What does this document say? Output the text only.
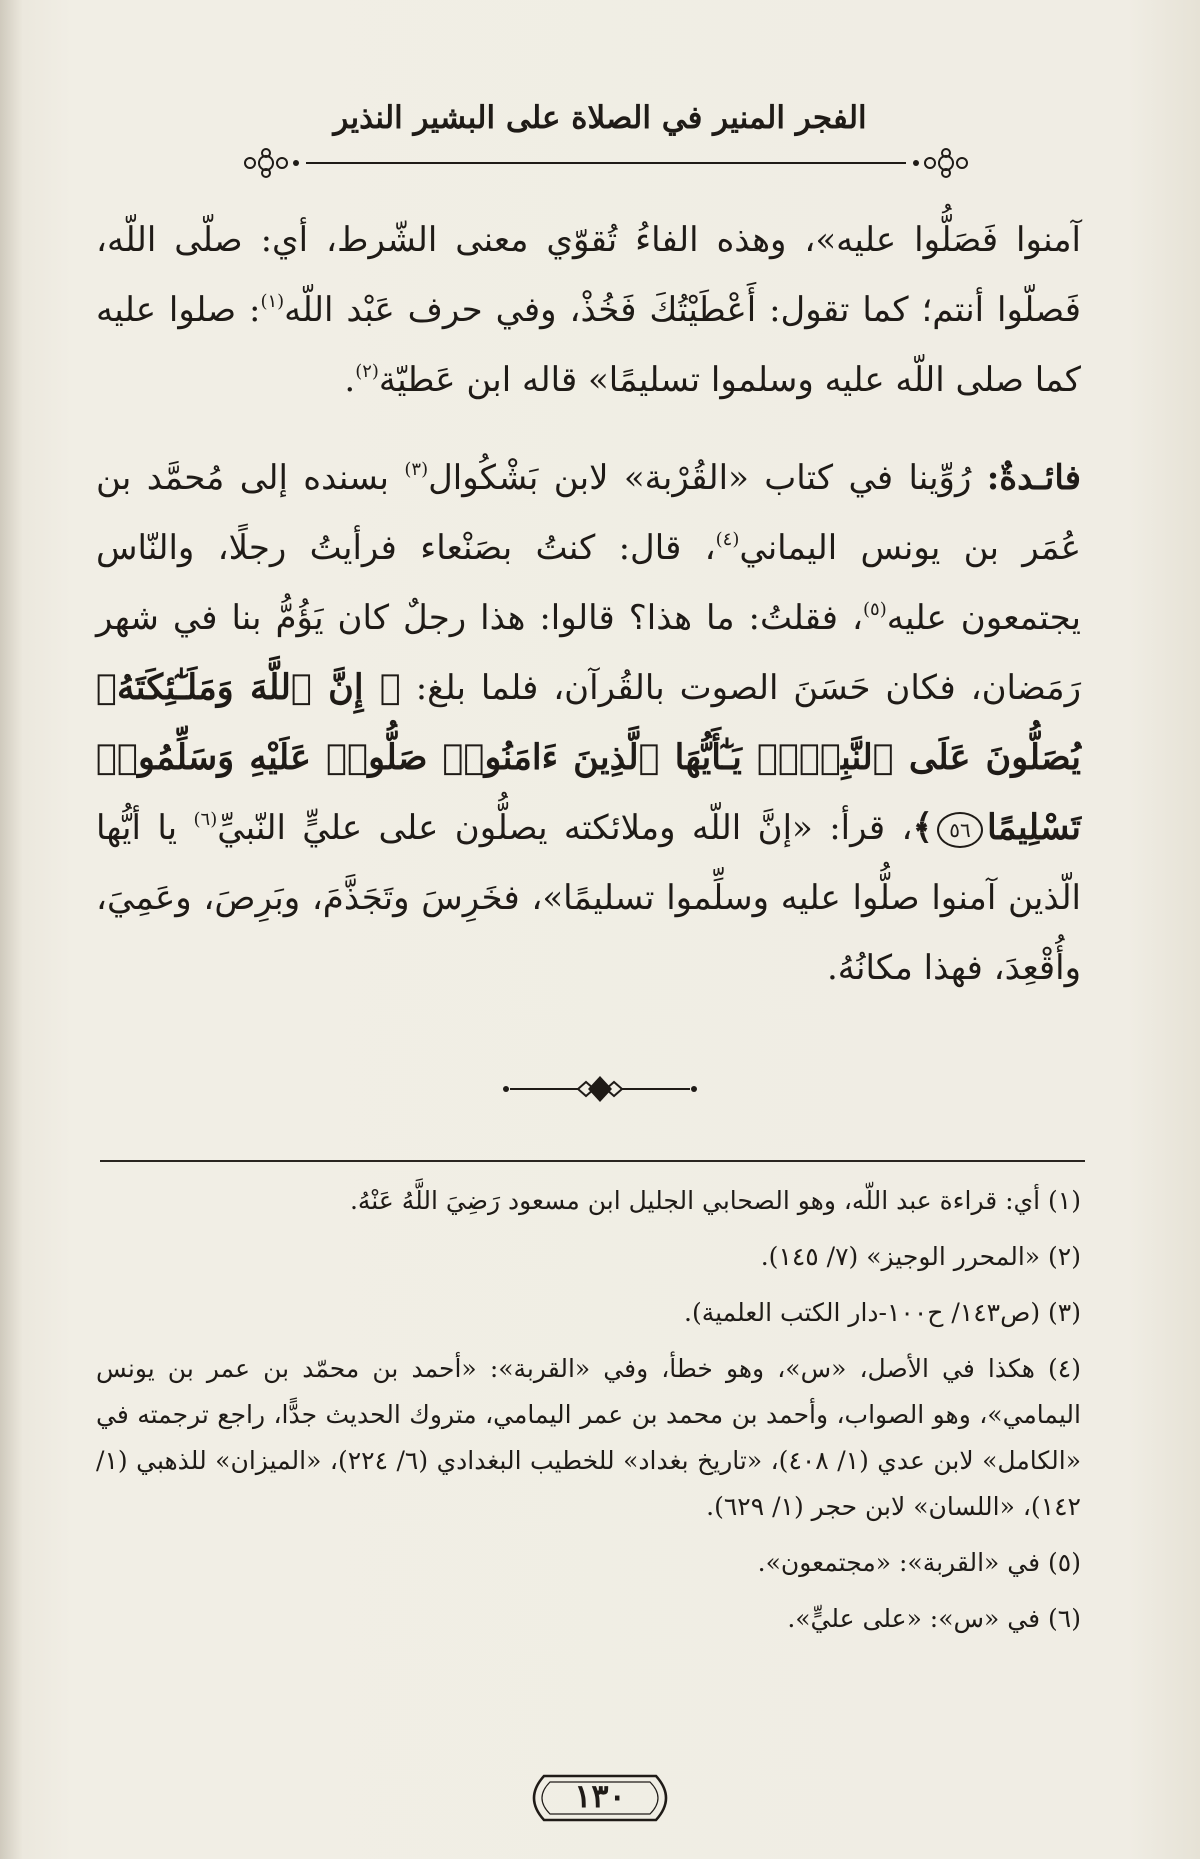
الفجر المنير في الصلاة على البشير النذير

آمنوا فَصَلُّوا عليه»، وهذه الفاءُ تُقوّي معنى الشّرط، أي: صلّى اللّه، فَصلّوا أنتم؛ كما تقول: أَعْطَيْتُكَ فَخُذْ، وفي حرف عَبْد اللّه$^{(١)}$: صلوا عليه كما صلى اللّه عليه وسلموا تسليمًا» قاله ابن عَطيّة$^{(٢)}$.

فائـدةٌ: رُوِّينا في كتاب «القُرْبة» لابن بَشْكُوال$^{(٣)}$ بسنده إلى مُحمَّد بن عُمَر بن يونس اليماني$^{(٤)}$، قال: كنتُ بصَنْعاء فرأيتُ رجلًا، والنّاس يجتمعون عليه$^{(٥)}$، فقلتُ: ما هذا؟ قالوا: هذا رجلٌ كان يَؤُمُّ بنا في شهر رَمَضان، فكان حَسَنَ الصوت بالقُرآن، فلما بلغ: ﴿ إِنَّ ٱللَّهَ وَمَلَـٰٓئِكَتَهُۥ يُصَلُّونَ عَلَى ٱلنَّبِىِّۚ يَـٰٓأَيُّهَا ٱلَّذِينَ ءَامَنُوا۟ صَلُّوا۟ عَلَيْهِ وَسَلِّمُوا۟ تَسْلِيمًا٥٦﴾، قرأ: «إنَّ اللّه وملائكته يصلُّون على عليٍّ النّبيِّ$^{(٦)}$ يا أيُّها الّذين آمنوا صلُّوا عليه وسلِّموا تسليمًا»، فخَرِسَ وتَجَذَّمَ، وبَرِصَ، وعَمِيَ، وأُقْعِدَ، فهذا مكانُهُ.

(١) أي: قراءة عبد اللّه، وهو الصحابي الجليل ابن مسعود رَضِيَ اللَّهُ عَنْهُ.

(٢) «المحرر الوجيز» (٧/ ١٤٥).

(٣) (ص١٤٣/ ح١٠٠-دار الكتب العلمية).

(٤) هكذا في الأصل، «س»، وهو خطأ، وفي «القربة»: «أحمد بن محمّد بن عمر بن يونس اليمامي»، وهو الصواب، وأحمد بن محمد بن عمر اليمامي، متروك الحديث جدًّا، راجع ترجمته في «الكامل» لابن عدي (١/ ٤٠٨)، «تاريخ بغداد» للخطيب البغدادي (٦/ ٢٢٤)، «الميزان» للذهبي (١/ ١٤٢)، «اللسان» لابن حجر (١/ ٦٢٩).

(٥) في «القربة»: «مجتمعون».

(٦) في «س»: «على عليٍّ».

١٣٠
